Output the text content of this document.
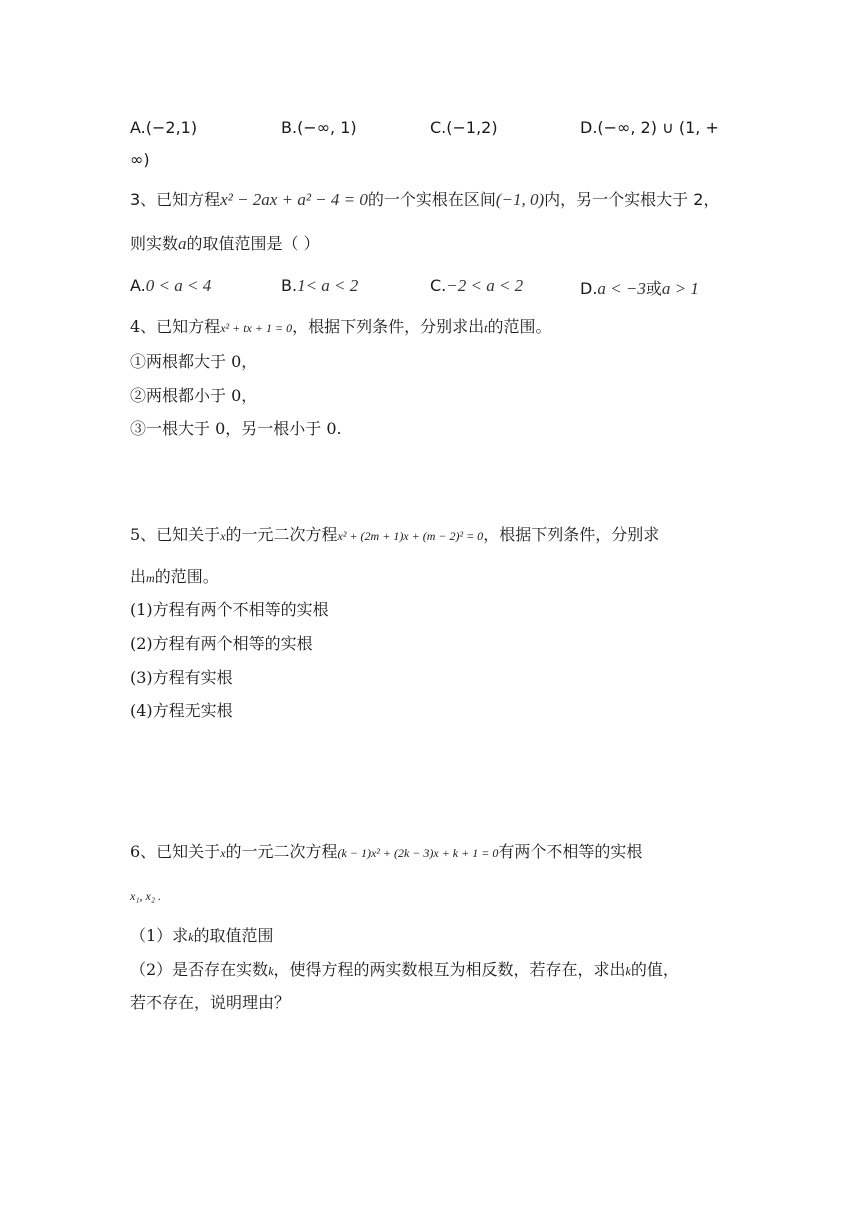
A.(−2,1)	B.(−∞, 1)	C.(−1,2)	D.(−∞, 2) ∪ (1, +
∞)
3、已知方程x² − 2ax + a² − 4 = 0的一个实根在区间(−1, 0)内，另一个实根大于 2，
则实数a的取值范围是（ ）
A.0 < a < 4	B.1< a < 2	C.−2 < a < 2	D.a < −3或a > 1
4、已知方程x² + tx + 1 = 0，根据下列条件，分别求出t的范围。
①两根都大于 0，
②两根都小于 0，
③一根大于 0，另一根小于 0.
5、已知关于x的一元二次方程x² + (2m + 1)x + (m − 2)² = 0，根据下列条件，分别求
出m的范围。
(1)方程有两个不相等的实根
(2)方程有两个相等的实根
(3)方程有实根
(4)方程无实根
6、已知关于x的一元二次方程(k − 1)x² + (2k − 3)x + k + 1 = 0有两个不相等的实根
x₁, x₂ .
（1）求k的取值范围
（2）是否存在实数k，使得方程的两实数根互为相反数，若存在，求出k的值，
若不存在，说明理由？
